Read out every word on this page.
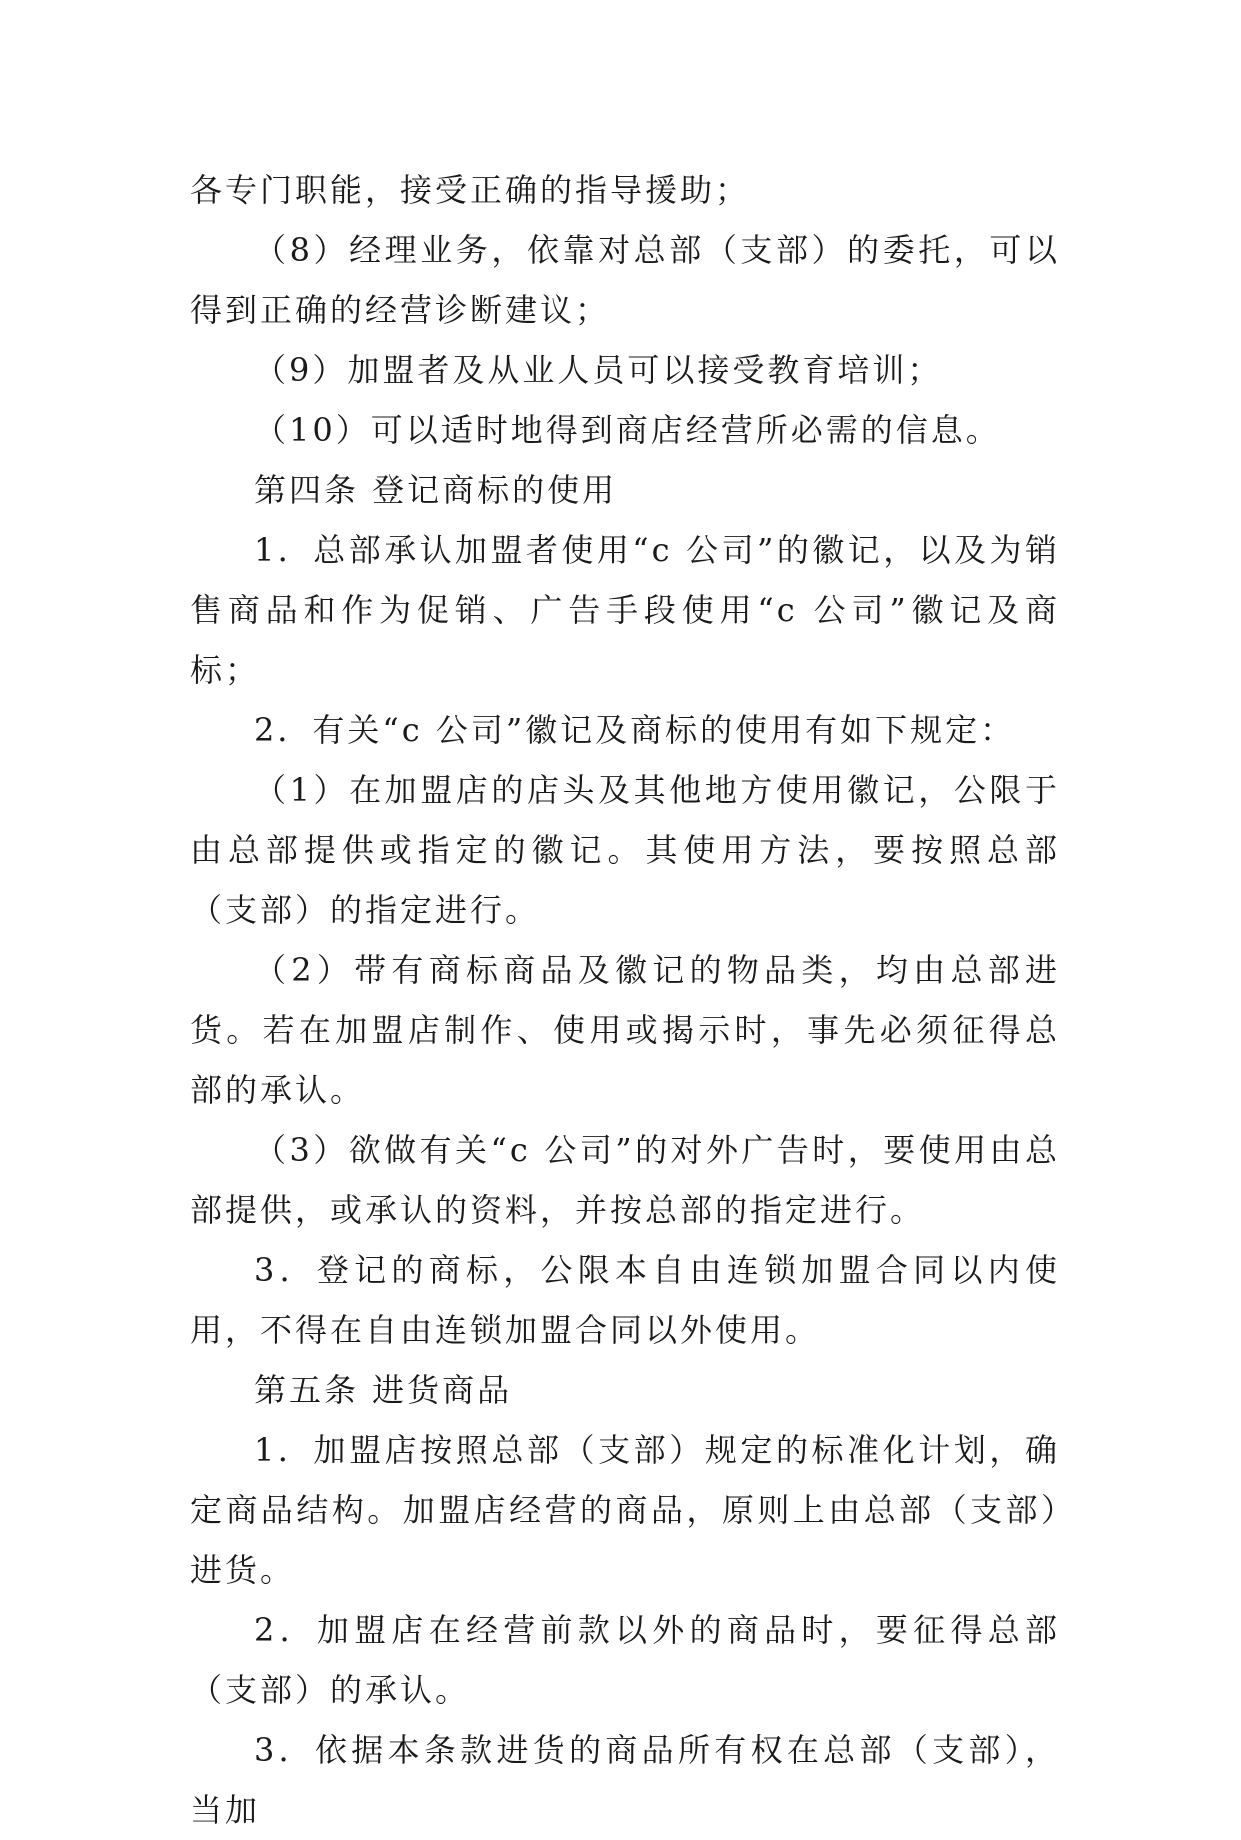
各专门职能，接受正确的指导援助；

（8）经理业务，依靠对总部（支部）的委托，可以得到正确的经营诊断建议；

（9）加盟者及从业人员可以接受教育培训；

（10）可以适时地得到商店经营所必需的信息。

第四条 登记商标的使用

1．总部承认加盟者使用“c 公司”的徽记，以及为销售商品和作为促销、广告手段使用“c 公司”徽记及商标；

2．有关“c 公司”徽记及商标的使用有如下规定：

（1）在加盟店的店头及其他地方使用徽记，公限于由总部提供或指定的徽记。其使用方法，要按照总部（支部）的指定进行。

（2）带有商标商品及徽记的物品类，均由总部进货。若在加盟店制作、使用或揭示时，事先必须征得总部的承认。

（3）欲做有关“c 公司”的对外广告时，要使用由总部提供，或承认的资料，并按总部的指定进行。

3．登记的商标，公限本自由连锁加盟合同以内使用，不得在自由连锁加盟合同以外使用。

第五条 进货商品

1．加盟店按照总部（支部）规定的标准化计划，确定商品结构。加盟店经营的商品，原则上由总部（支部）进货。

2．加盟店在经营前款以外的商品时，要征得总部（支部）的承认。

3．依据本条款进货的商品所有权在总部（支部），当加
